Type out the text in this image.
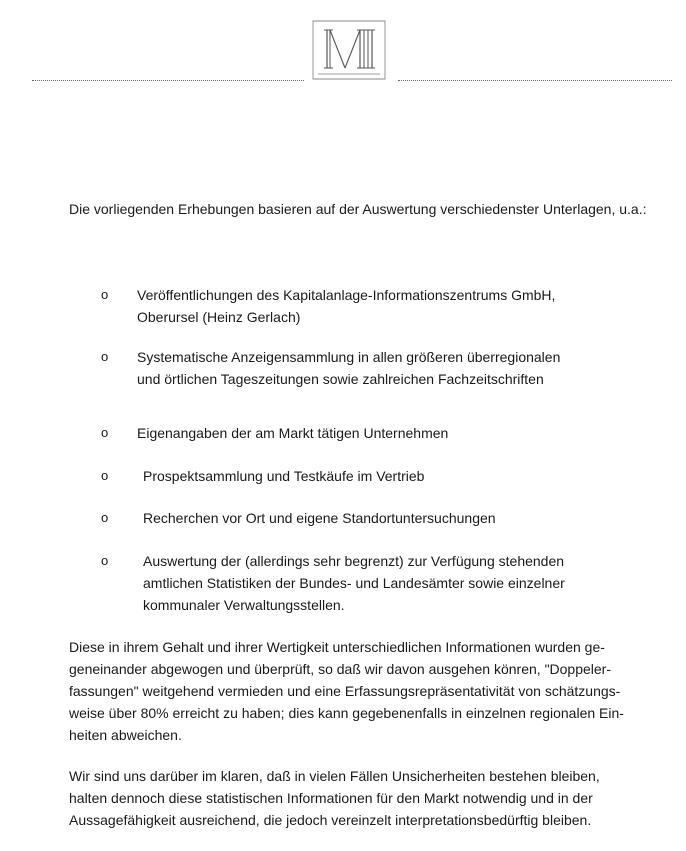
Die vorliegenden Erhebungen basieren auf der Auswertung verschiedenster Unterlagen, u.a.:

o	Veröffentlichungen des Kapitalanlage-Informationszentrums GmbH,
Oberursel (Heinz Gerlach)
o	Systematische Anzeigensammlung in allen größeren überregionalen
und örtlichen Tageszeitungen sowie zahlreichen Fachzeitschriften
o	Eigenangaben der am Markt tätigen Unternehmen
o	Prospektsammlung und Testkäufe im Vertrieb
o	Recherchen vor Ort und eigene Standortuntersuchungen
o	Auswertung der (allerdings sehr begrenzt) zur Verfügung stehenden
amtlichen Statistiken der Bundes- und Landesämter sowie einzelner
kommunaler Verwaltungsstellen.

Diese in ihrem Gehalt und ihrer Wertigkeit unterschiedlichen Informationen wurden ge-
geneinander abgewogen und überprüft, so daß wir davon ausgehen könren, "Doppeler-
fassungen" weitgehend vermieden und eine Erfassungsrepräsentativität von schätzungs-
weise über 80% erreicht zu haben; dies kann gegebenenfalls in einzelnen regionalen Ein-
heiten abweichen.

Wir sind uns darüber im klaren, daß in vielen Fällen Unsicherheiten bestehen bleiben,
halten dennoch diese statistischen Informationen für den Markt notwendig und in der
Aussagefähigkeit ausreichend, die jedoch vereinzelt interpretationsbedürftig bleiben.
